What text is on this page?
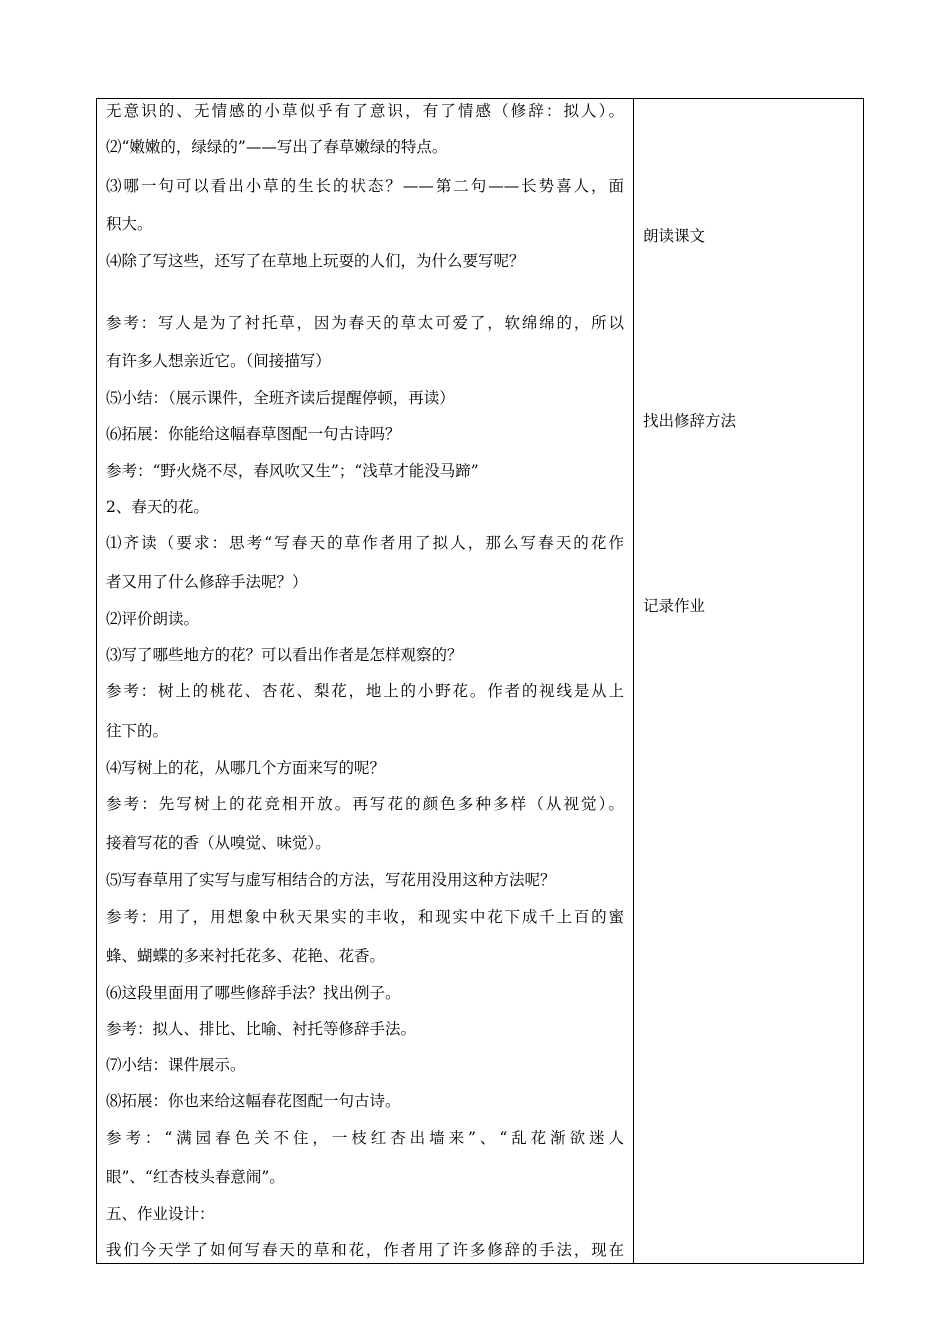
无意识的、无情感的小草似乎有了意识，有了情感（修辞：拟人）。
⑵“嫩嫩的，绿绿的”——写出了春草嫩绿的特点。
⑶哪一句可以看出小草的生长的状态？——第二句——长势喜人，面
积大。
⑷除了写这些，还写了在草地上玩耍的人们，为什么要写呢？
参考：写人是为了衬托草，因为春天的草太可爱了，软绵绵的，所以
有许多人想亲近它。（间接描写）
⑸小结：（展示课件，全班齐读后提醒停顿，再读）
⑹拓展：你能给这幅春草图配一句古诗吗？
参考：“野火烧不尽，春风吹又生”；“浅草才能没马蹄”
2、春天的花。
⑴齐读（要求：思考“写春天的草作者用了拟人，那么写春天的花作
者又用了什么修辞手法呢？）
⑵评价朗读。
⑶写了哪些地方的花？可以看出作者是怎样观察的？
参考：树上的桃花、杏花、梨花，地上的小野花。作者的视线是从上
往下的。
⑷写树上的花，从哪几个方面来写的呢？
参考：先写树上的花竞相开放。再写花的颜色多种多样（从视觉）。
接着写花的香（从嗅觉、味觉）。
⑸写春草用了实写与虚写相结合的方法，写花用没用这种方法呢？
参考：用了，用想象中秋天果实的丰收，和现实中花下成千上百的蜜
蜂、蝴蝶的多来衬托花多、花艳、花香。
⑹这段里面用了哪些修辞手法？找出例子。
参考：拟人、排比、比喻、衬托等修辞手法。
⑺小结：课件展示。
⑻拓展：你也来给这幅春花图配一句古诗。
参考：“满园春色关不住，一枝红杏出墙来”、“乱花渐欲迷人
眼”、“红杏枝头春意闹”。
五、作业设计：
我们今天学了如何写春天的草和花，作者用了许多修辞的手法，现在
朗读课文
找出修辞方法
记录作业
